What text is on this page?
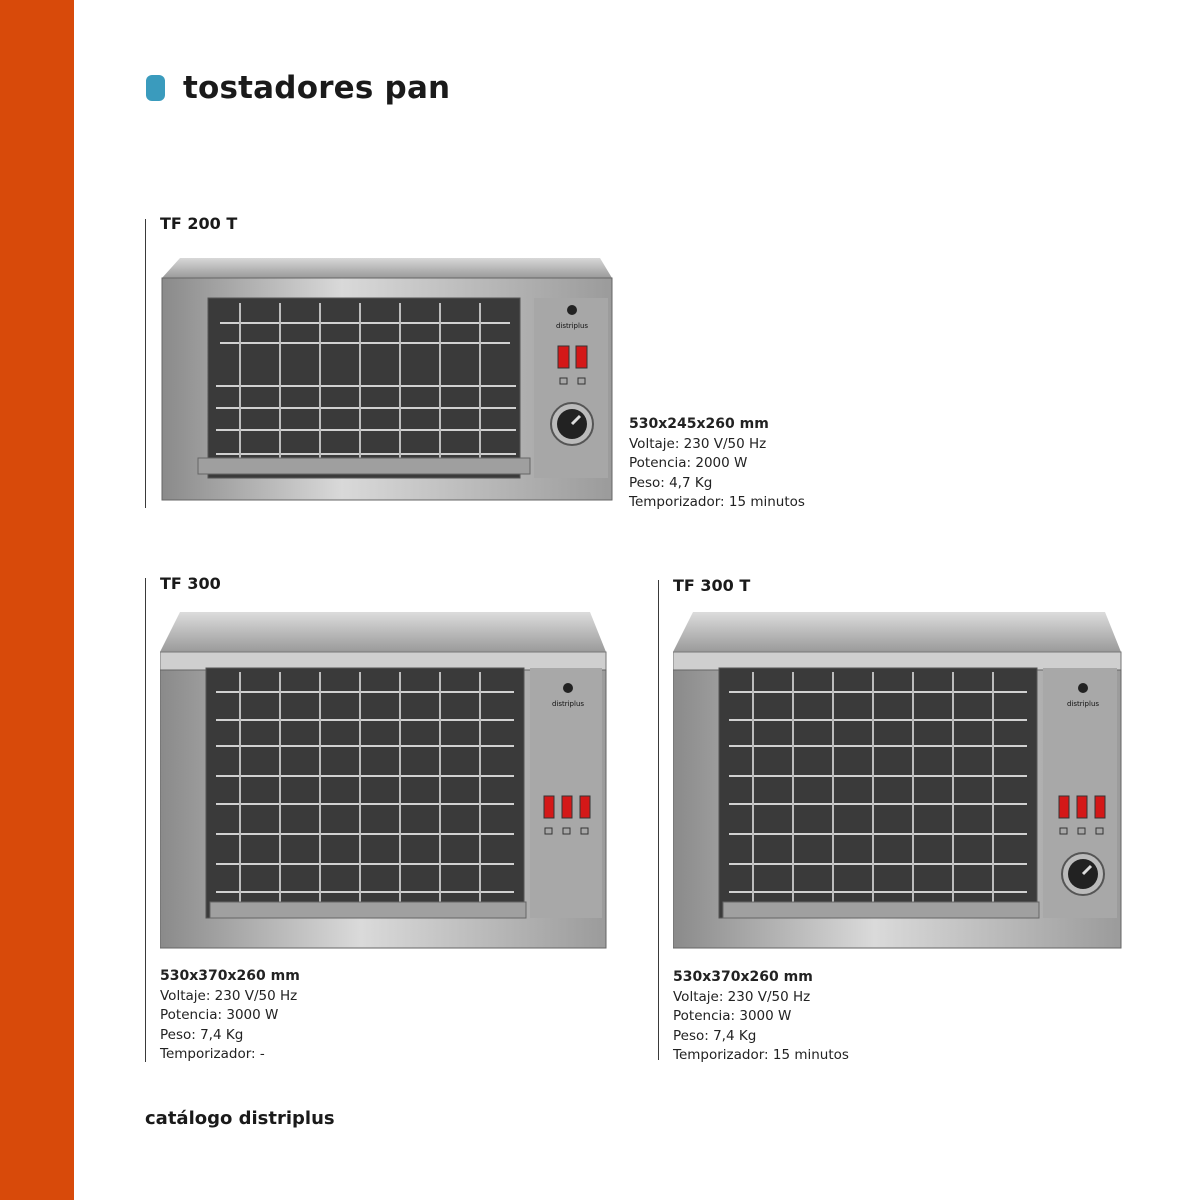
tostadores pan
TF 200 T
distriplus
530x245x260 mm
Voltaje: 230 V/50 Hz
Potencia: 2000 W
Peso: 4,7 Kg
Temporizador: 15 minutos
TF 300
distriplus
530x370x260 mm
Voltaje: 230 V/50 Hz
Potencia: 3000 W
Peso: 7,4 Kg
Temporizador: -
TF 300 T
distriplus
530x370x260 mm
Voltaje: 230 V/50 Hz
Potencia: 3000 W
Peso: 7,4 Kg
Temporizador: 15 minutos
catálogo distriplus
